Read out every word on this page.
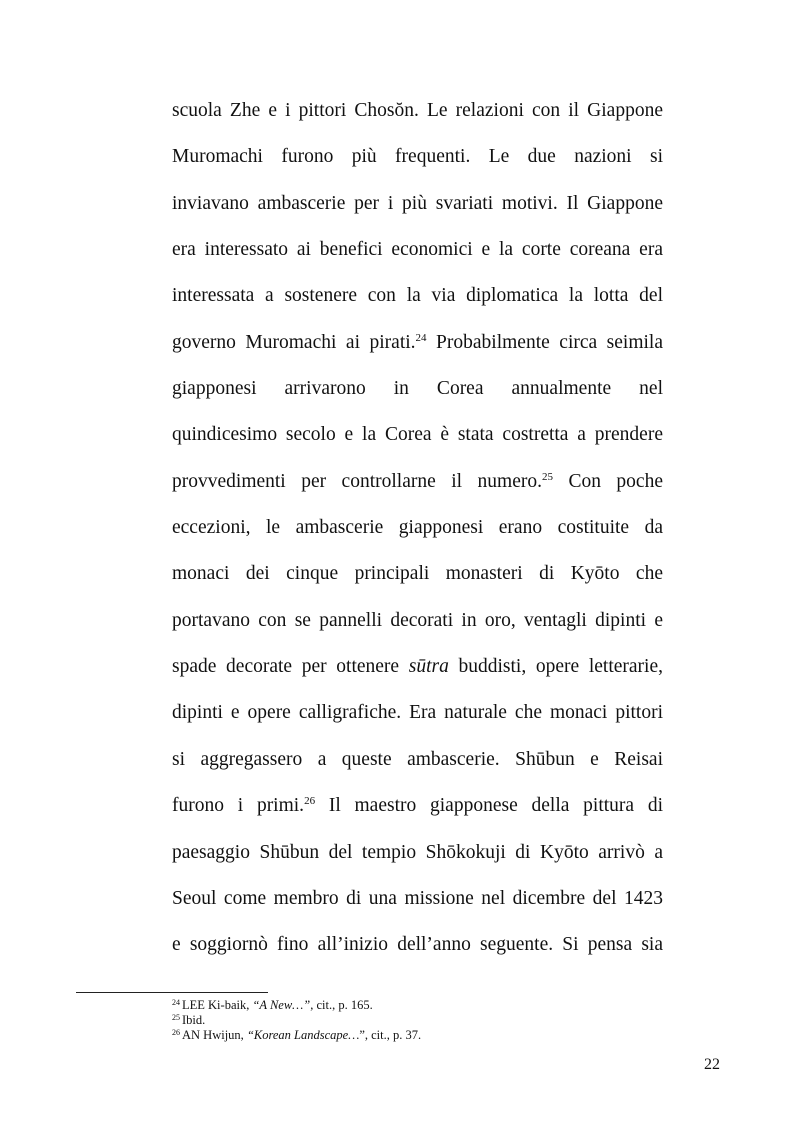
scuola Zhe e i pittori Chosŏn. Le relazioni con il Giappone
Muromachi furono più frequenti. Le due nazioni si
inviavano ambascerie per i più svariati motivi. Il Giappone
era interessato ai benefici economici e la corte coreana era
interessata a sostenere con la via diplomatica la lotta del
governo Muromachi ai pirati.$^{24}$ Probabilmente circa seimila
giapponesi arrivarono in Corea annualmente nel
quindicesimo secolo e la Corea è stata costretta a prendere
provvedimenti per controllarne il numero.$^{25}$ Con poche
eccezioni, le ambascerie giapponesi erano costituite da
monaci dei cinque principali monasteri di Kyōto che
portavano con se pannelli decorati in oro, ventagli dipinti e
spade decorate per ottenere sūtra buddisti, opere letterarie,
dipinti e opere calligrafiche. Era naturale che monaci pittori
si aggregassero a queste ambascerie. Shūbun e Reisai
furono i primi.$^{26}$ Il maestro giapponese della pittura di
paesaggio Shūbun del tempio Shōkokuji di Kyōto arrivò a
Seoul come membro di una missione nel dicembre del 1423
e soggiornò fino all’inizio dell’anno seguente. Si pensa sia
$^{24}$ LEE Ki-baik, “A New…”, cit., p. 165.
$^{25}$ Ibid.
$^{26}$ AN Hwijun, “Korean Landscape…”, cit., p. 37.
22
